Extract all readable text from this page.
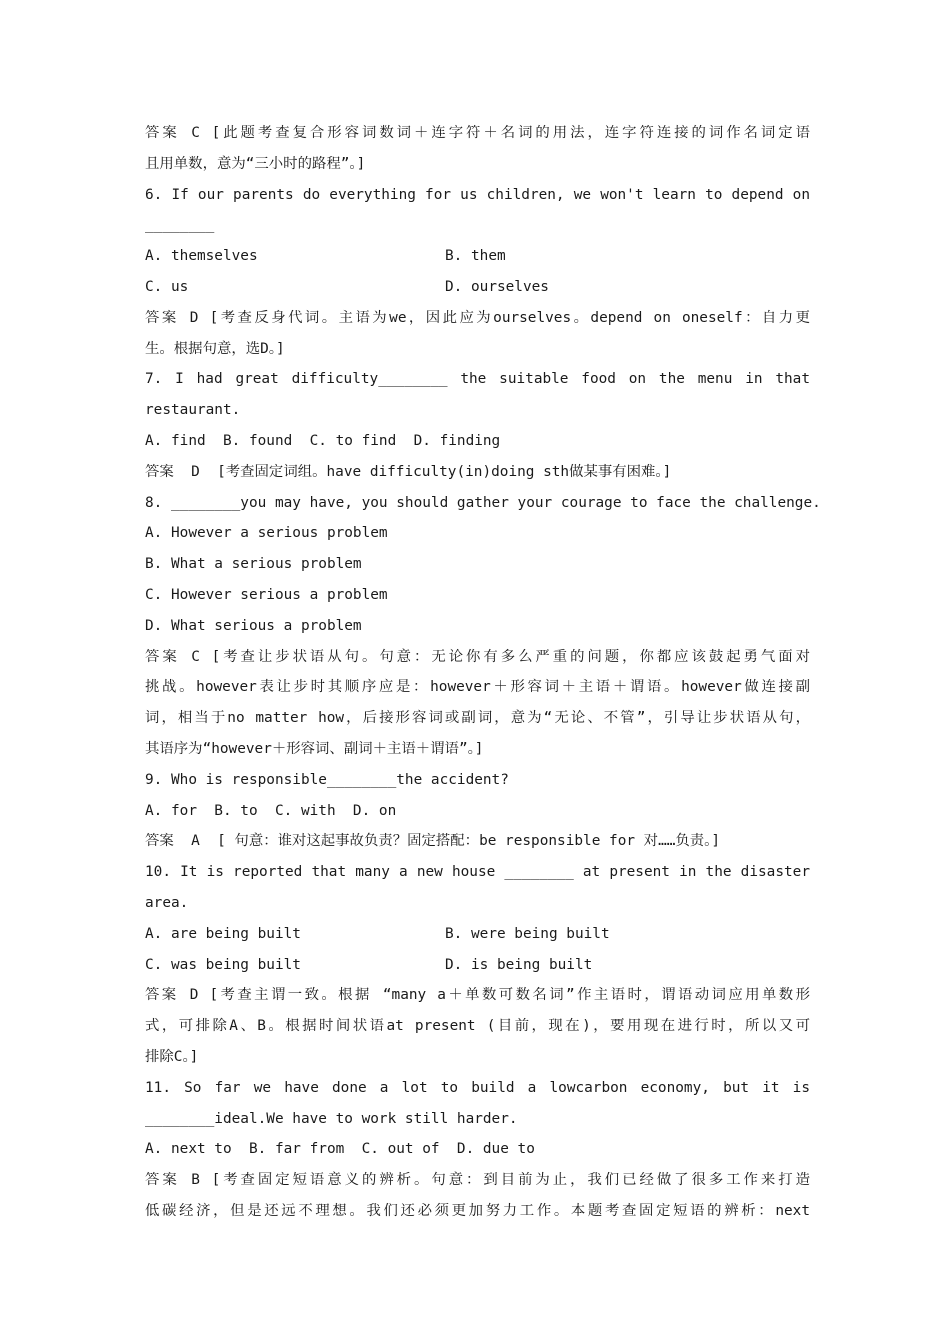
答案 C [此题考查复合形容词数词＋连字符＋名词的用法，连字符连接的词作名词定语
且用单数，意为“三小时的路程”。]
6. If our parents do everything for us children, we won't learn to depend on
________
A. themselves	B. them
C. us	D. ourselves
答案 D [考查反身代词。主语为we，因此应为ourselves。depend on oneself：自力更
生。根据句意，选D。]
7. I had great difficulty________ the suitable food on the menu in that
restaurant.
A. find  B. found  C. to find  D. finding
答案  D  [考查固定词组。have difficulty(in)doing sth做某事有困难。]
8. ________you may have, you should gather your courage to face the challenge.
A. However a serious problem
B. What a serious problem
C. However serious a problem
D. What serious a problem
答案 C [考查让步状语从句。句意：无论你有多么严重的问题，你都应该鼓起勇气面对
挑战。however表让步时其顺序应是：however＋形容词＋主语＋谓语。however做连接副
词，相当于no matter how，后接形容词或副词，意为“无论、不管”，引导让步状语从句，
其语序为“however＋形容词、副词＋主语＋谓语”。]
9. Who is responsible________the accident?
A. for  B. to  C. with  D. on
答案  A  [ 句意：谁对这起事故负责？固定搭配：be responsible for 对……负责。]
10. It is reported that many a new house ________ at present in the disaster
area.
A. are being built	B. were being built
C. was being built	D. is being built
答案 D [考查主谓一致。根据 “many a＋单数可数名词”作主语时，谓语动词应用单数形
式，可排除A、B。根据时间状语at present (目前，现在)，要用现在进行时，所以又可
排除C。]
11. So far we have done a lot to build a lowcarbon economy, but it is
________ideal.We have to work still harder.
A. next to  B. far from  C. out of  D. due to
答案 B [考查固定短语意义的辨析。句意：到目前为止，我们已经做了很多工作来打造
低碳经济，但是还远不理想。我们还必须更加努力工作。本题考查固定短语的辨析：next
